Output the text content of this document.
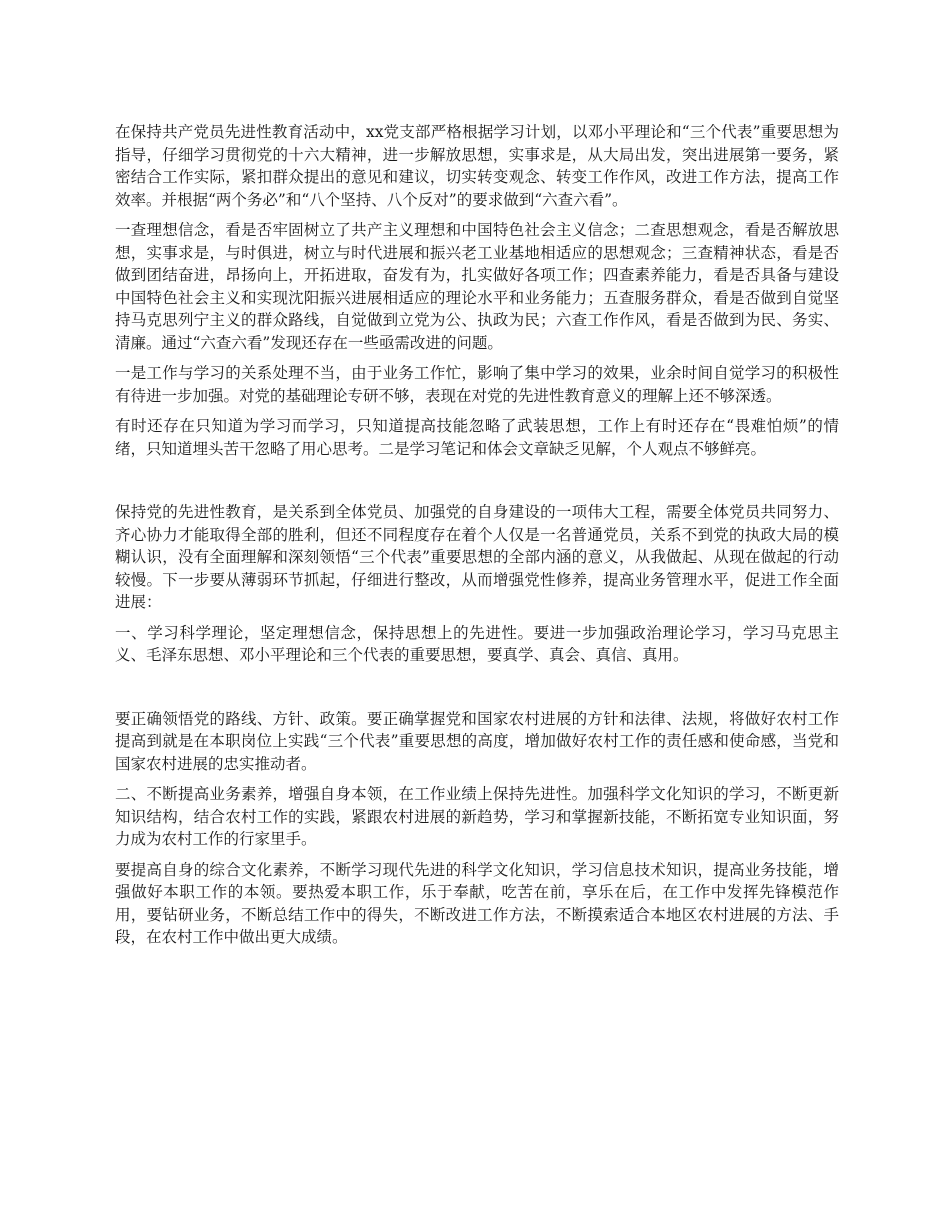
在保持共产党员先进性教育活动中，xx党支部严格根据学习计划，以邓小平理论和“三个代表”重要思想为指导，仔细学习贯彻党的十六大精神，进一步解放思想，实事求是，从大局出发，突出进展第一要务，紧密结合工作实际，紧扣群众提出的意见和建议，切实转变观念、转变工作作风，改进工作方法，提高工作效率。并根据“两个务必”和“八个坚持、八个反对”的要求做到“六查六看”。

一查理想信念，看是否牢固树立了共产主义理想和中国特色社会主义信念；二查思想观念，看是否解放思想，实事求是，与时俱进，树立与时代进展和振兴老工业基地相适应的思想观念；三查精神状态，看是否做到团结奋进，昂扬向上，开拓进取，奋发有为，扎实做好各项工作；四查素养能力，看是否具备与建设中国特色社会主义和实现沈阳振兴进展相适应的理论水平和业务能力；五查服务群众，看是否做到自觉坚持马克思列宁主义的群众路线，自觉做到立党为公、执政为民；六查工作作风，看是否做到为民、务实、清廉。通过“六查六看”发现还存在一些亟需改进的问题。

一是工作与学习的关系处理不当，由于业务工作忙，影响了集中学习的效果，业余时间自觉学习的积极性有待进一步加强。对党的基础理论专研不够，表现在对党的先进性教育意义的理解上还不够深透。

有时还存在只知道为学习而学习，只知道提高技能忽略了武装思想，工作上有时还存在“畏难怕烦”的情绪，只知道埋头苦干忽略了用心思考。二是学习笔记和体会文章缺乏见解，个人观点不够鲜亮。

保持党的先进性教育，是关系到全体党员、加强党的自身建设的一项伟大工程，需要全体党员共同努力、齐心协力才能取得全部的胜利，但还不同程度存在着个人仅是一名普通党员，关系不到党的执政大局的模糊认识，没有全面理解和深刻领悟“三个代表”重要思想的全部内涵的意义，从我做起、从现在做起的行动较慢。下一步要从薄弱环节抓起，仔细进行整改，从而增强党性修养，提高业务管理水平，促进工作全面进展：

一、学习科学理论，坚定理想信念，保持思想上的先进性。要进一步加强政治理论学习，学习马克思主义、毛泽东思想、邓小平理论和三个代表的重要思想，要真学、真会、真信、真用。

要正确领悟党的路线、方针、政策。要正确掌握党和国家农村进展的方针和法律、法规，将做好农村工作提高到就是在本职岗位上实践“三个代表”重要思想的高度，增加做好农村工作的责任感和使命感，当党和国家农村进展的忠实推动者。

二、不断提高业务素养，增强自身本领，在工作业绩上保持先进性。加强科学文化知识的学习，不断更新知识结构，结合农村工作的实践，紧跟农村进展的新趋势，学习和掌握新技能，不断拓宽专业知识面，努力成为农村工作的行家里手。

要提高自身的综合文化素养，不断学习现代先进的科学文化知识，学习信息技术知识，提高业务技能，增强做好本职工作的本领。要热爱本职工作，乐于奉献，吃苦在前，享乐在后，在工作中发挥先锋模范作用，要钻研业务，不断总结工作中的得失，不断改进工作方法，不断摸索适合本地区农村进展的方法、手段，在农村工作中做出更大成绩。
